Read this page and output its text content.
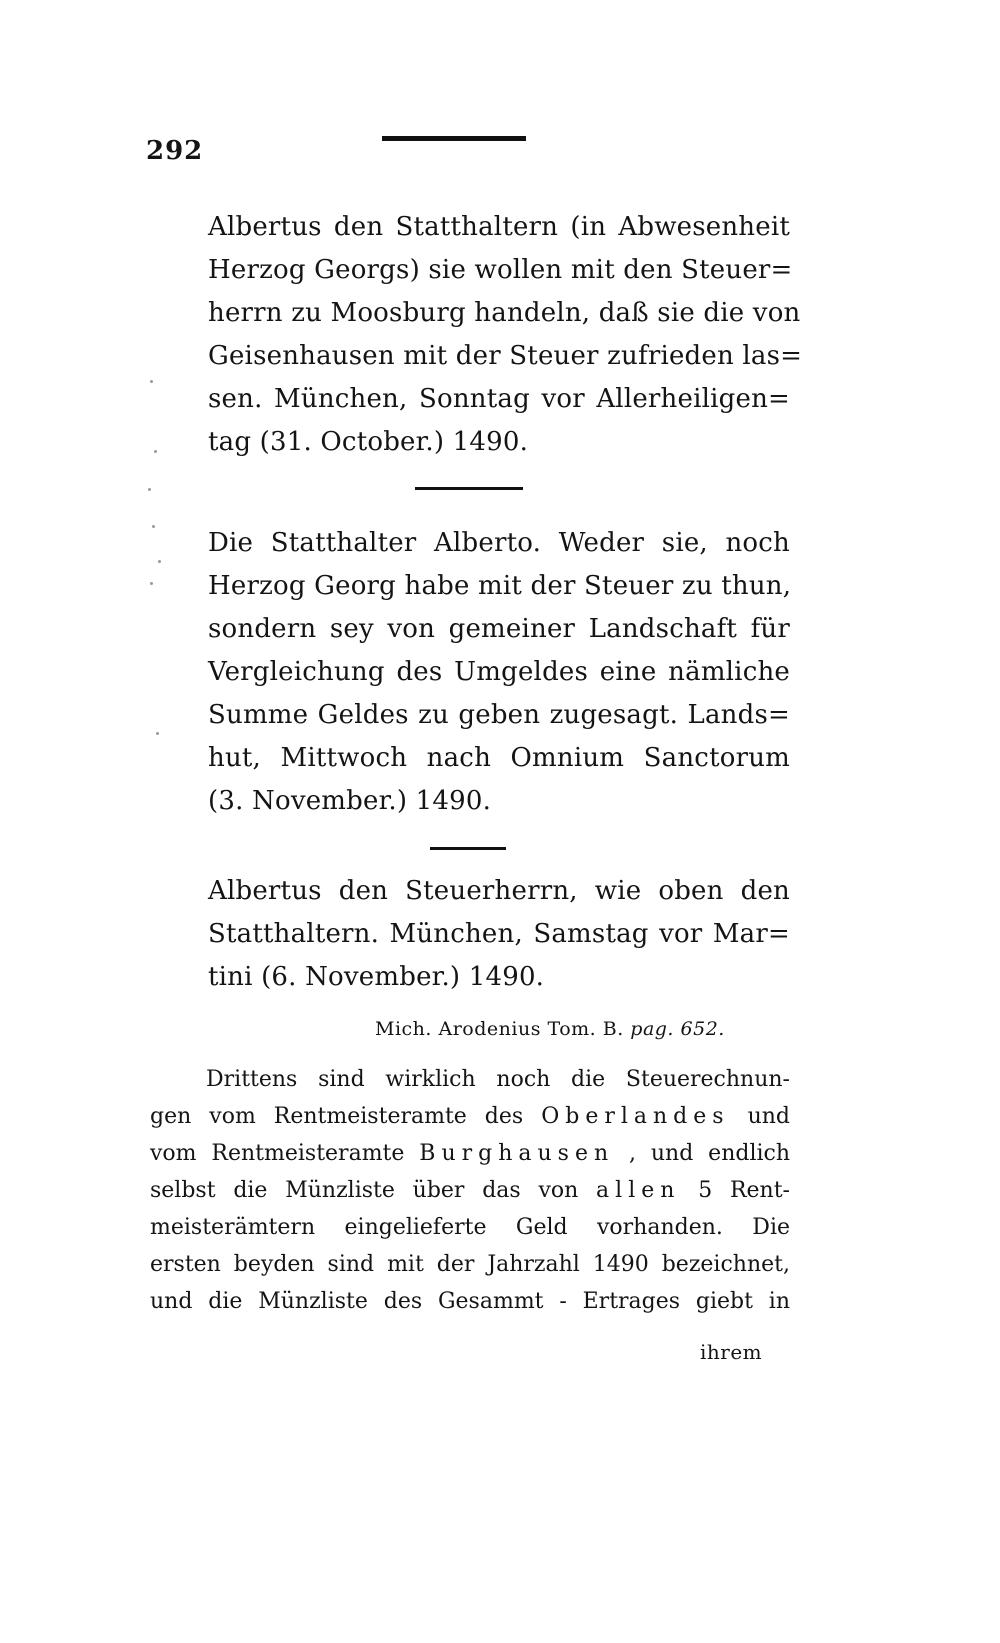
292
Albertus den Statthaltern (in Abwesenheit
Herzog Georgs) sie wollen mit den Steuer=
herrn zu Moosburg handeln, daß sie die von
Geisenhausen mit der Steuer zufrieden las=
sen. München, Sonntag vor Allerheiligen=
tag (31. October.) 1490.
Die Statthalter Alberto. Weder sie, noch
Herzog Georg habe mit der Steuer zu thun,
sondern sey von gemeiner Landschaft für
Vergleichung des Umgeldes eine nämliche
Summe Geldes zu geben zugesagt. Lands=
hut, Mittwoch nach Omnium Sanctorum
(3. November.) 1490.
Albertus den Steuerherrn, wie oben den
Statthaltern. München, Samstag vor Mar=
tini (6. November.) 1490.
Mich. Arodenius Tom. B. pag. 652.
Drittens sind wirklich noch die Steuerechnun-
gen vom Rentmeisteramte des Oberlandes und
vom Rentmeisteramte Burghausen , und endlich
selbst die Münzliste über das von allen 5 Rent-
meisterämtern eingelieferte Geld vorhanden. Die
ersten beyden sind mit der Jahrzahl 1490 bezeichnet,
und die Münzliste des Gesammt - Ertrages giebt in
ihrem
